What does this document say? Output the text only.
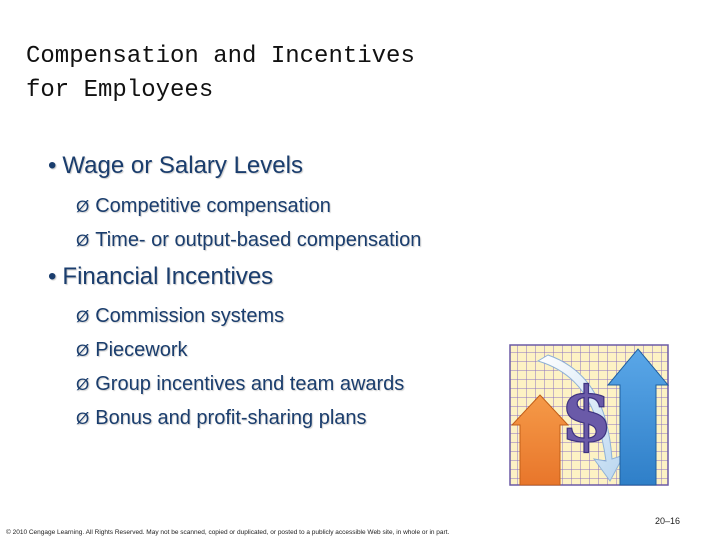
Compensation and Incentives
for Employees
• Wage or Salary Levels
Ø Competitive compensation
Ø Time- or output-based compensation
• Financial Incentives
Ø Commission systems
Ø Piecework
Ø Group incentives and team awards
Ø Bonus and profit-sharing plans	$
20–16
© 2010 Cengage Learning. All Rights Reserved. May not be scanned, copied or duplicated, or posted to a publicly accessible Web site, in whole or in part.
